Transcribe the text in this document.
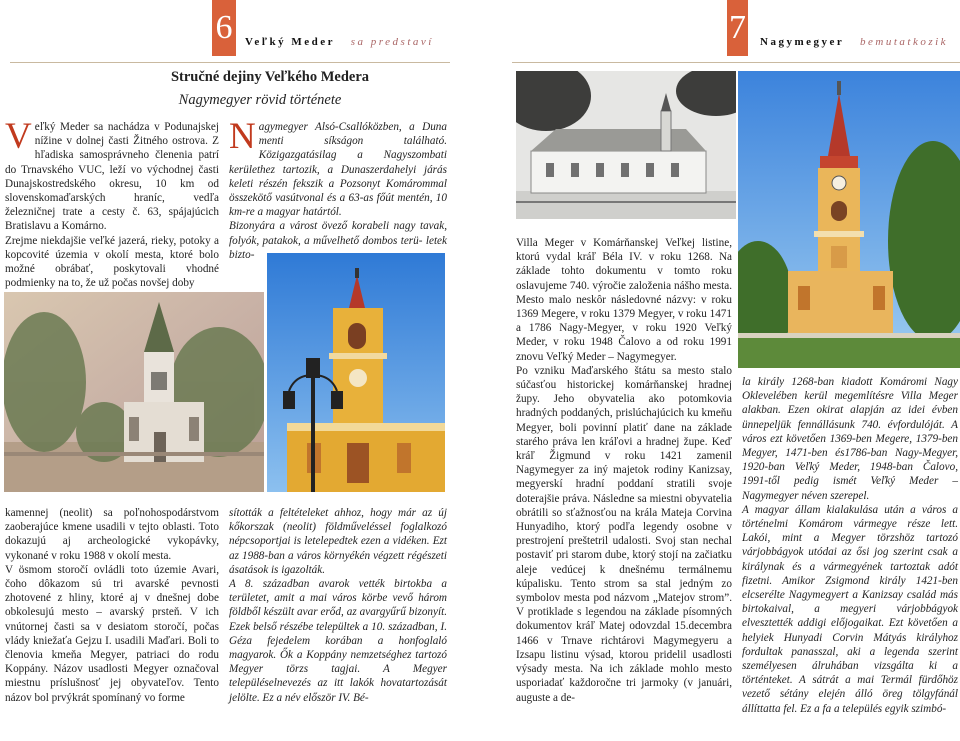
6	Veľký Meder sa predstaví
Stručné dejiny Veľkého Medera
Nagymegyer rövid története

Veľký Meder sa nachádza v Podunajskej nížine v dolnej časti Žitného ostrova. Z hľadiska samosprávneho členenia patrí do Trnavského VUC, leží vo východnej časti Dunajskostredského okresu, 10 km od slovenskomaďarských hraníc, vedľa železničnej trate a cesty č. 63, spájajúcich Bratislavu a Komárno.

Zrejme niekdajšie veľké jazerá, rieky, potoky a kopcovité územia v okolí mesta, ktoré bolo možné obrábať, poskytovali vhodné podmienky na to, že už počas novšej doby

Nagymegyer Alsó-Csallóközben, a Duna menti síkságon található. Közigazgatásilag a Nagyszombati kerülethez tartozik, a Dunaszerdahelyi járás keleti részén fekszik a Pozsonyt Komárommal összekötő vasútvonal és a 63-as főút mentén, 10 km-re a magyar határtól.

Bizonyára a várost övező korabeli nagy tavak, folyók, patakok, a művelhető dombos terü- letek bizto-

kamennej (neolit) sa poľnohospodárstvom zaoberajúce kmene usadili v tejto oblasti. Toto dokazujú aj archeologické vykopávky, vykonané v roku 1988 v okolí mesta.

V ösmom storočí ovládli toto územie Avari, čoho dôkazom sú tri avarské pevnosti zhotovené z hliny, ktoré aj v dnešnej dobe obkolesujú mesto – avarský prsteň. V ich vnútornej časti sa v desiatom storočí, počas vlády kniežaťa Gejzu I. usadili Maďari. Boli to členovia kmeňa Megyer, patriaci do rodu Koppány. Názov usadlosti Megyer označoval miestnu príslušnosť jej obyvateľov. Tento názov bol prvýkrát spomínaný vo forme

sították a feltételeket ahhoz, hogy már az új kőkorszak (neolit) földműveléssel foglalkozó népcsoportjai is letelepedtek ezen a vidéken. Ezt az 1988-ban a város környékén végzett régészeti ásatások is igazolták.

A 8. században avarok vették birtokba a területet, amit a mai város körbe vevő három földből készült avar erőd, az avargyűrű bizonyít. Ezek belső részébe települtek a 10. században, I. Géza fejedelem korában a honfoglaló magyarok. Ők a Koppány nemzetséghez tartozó Megyer törzs tagjai. A Megyer településelnevezés az itt lakók hovatartozását jelölte. Ez a név először IV. Bé-

7 Nagymegyer bemutatkozik

Villa Meger v Komárňanskej Veľkej listine, ktorú vydal kráľ Béla IV. v roku 1268. Na základe tohto dokumentu v tomto roku oslavujeme 740. výročie založenia nášho mesta. Mesto malo neskôr následovné názvy: v roku 1369 Megere, v roku 1379 Megyer, v roku 1471 a 1786 Nagy-Megyer, v roku 1920 Veľký Meder, v roku 1948 Čalovo a od roku 1991 znovu Veľký Meder – Nagymegyer.

Po vzniku Maďarského štátu sa mesto stalo súčasťou historickej komárňanskej hradnej župy. Jeho obyvatelia ako potomkovia hradných poddaných, prislúchajúcich ku kmeňu Megyer, boli povinní platiť dane na základe starého práva len kráľovi a hradnej župe. Keď kráľ Žigmund v roku 1421 zamenil Nagymegyer za iný majetok rodiny Kanizsay, megyerskí hradní poddaní stratili svoje doterajšie práva. Následne sa miestni obyvatelia obrátili so sťažnosťou na krála Mateja Corvina Hunyadiho, ktorý podľa legendy osobne v prestrojení preštetril udalosti. Svoj stan nechal postaviť pri starom dube, ktorý stojí na začiatku aleje vedúcej k dnešnému termálnemu kúpalisku. Tento strom sa stal jedným zo symbolov mesta pod názvom „Matejov strom”. V protiklade s legendou na základe písomných dokumentov kráľ Matej odovzdal 15.decembra 1466 v Trnave richtárovi Magymegyeru a Izsapu listinu výsad, ktorou pridelil usadlosti výsady mesta. Na ich základe mohlo mesto usporiadať každoročne tri jarmoky (v januári, auguste a de-

la király 1268-ban kiadott Komáromi Nagy Oklevelében kerül megemlítésre Villa Meger alakban. Ezen okirat alapján az idei évben ünnepeljük fennállásunk 740. évfordulóját. A város ezt követően 1369-ben Megere, 1379-ben Megyer, 1471-ben és1786-ban Nagy-Megyer, 1920-ban Veľký Meder, 1948-ban Čalovo, 1991-től pedig ismét Veľký Meder – Nagymegyer néven szerepel.

A magyar állam kialakulása után a város a történelmi Komárom vármegye része lett. Lakói, mint a Megyer törzshöz tartozó várjobbágyok utódai az ősi jog szerint csak a királynak és a vármegyének tartoztak adót fizetni. Amikor Zsigmond király 1421-ben elcserélte Nagymegyert a Kanizsay család más birtokaival, a megyeri várjobbágyok elvesztették addigi előjogaikat. Ezt követően a helyiek Hunyadi Corvin Mátyás királyhoz fordultak panasszal, aki a legenda szerint személyesen álruhában vizsgálta ki a történteket. A sátrát a mai Termál fürdőhöz vezető sétány elején álló öreg tölgyfánál állíttatta fel. Ez a fa a település egyik szimbó-
